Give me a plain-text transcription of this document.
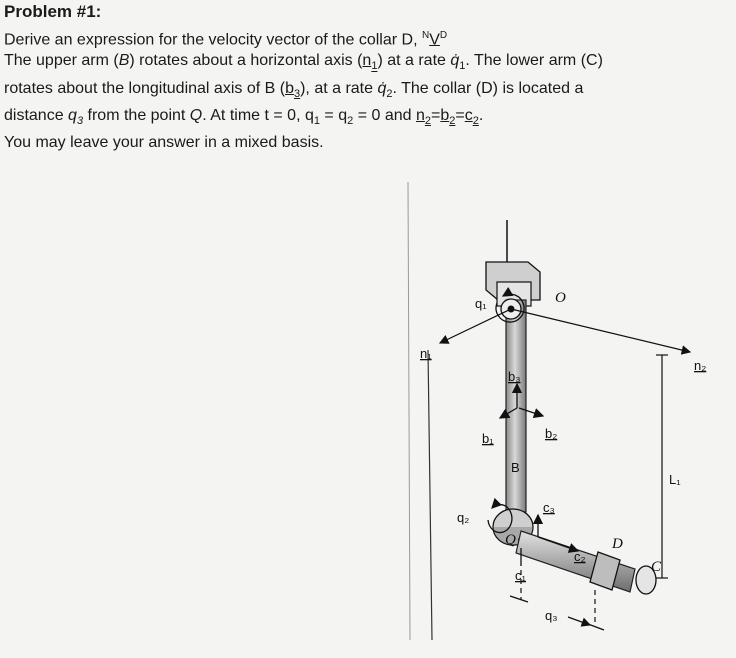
Problem #1:

Derive an expression for the velocity vector of the collar D, $^NV^D$

The upper arm (B) rotates about a horizontal axis $(n_1)$ at a rate $q̇_1$. The lower arm (C)

rotates about the longitudinal axis of B $(b_3)$, at a rate $q̇_2$. The collar (D) is located a

distance $q_3$ from the point Q. At time t = 0, $q_1 = q_2 = 0$ and $n_2=b_2=c_2$.

You may leave your answer in a mixed basis.

q₁	O
n₁
n₂
b₃
b₁	b₂
B
L₁
c₃
q₂
Q	D
c₂
C
c₁
q₃
